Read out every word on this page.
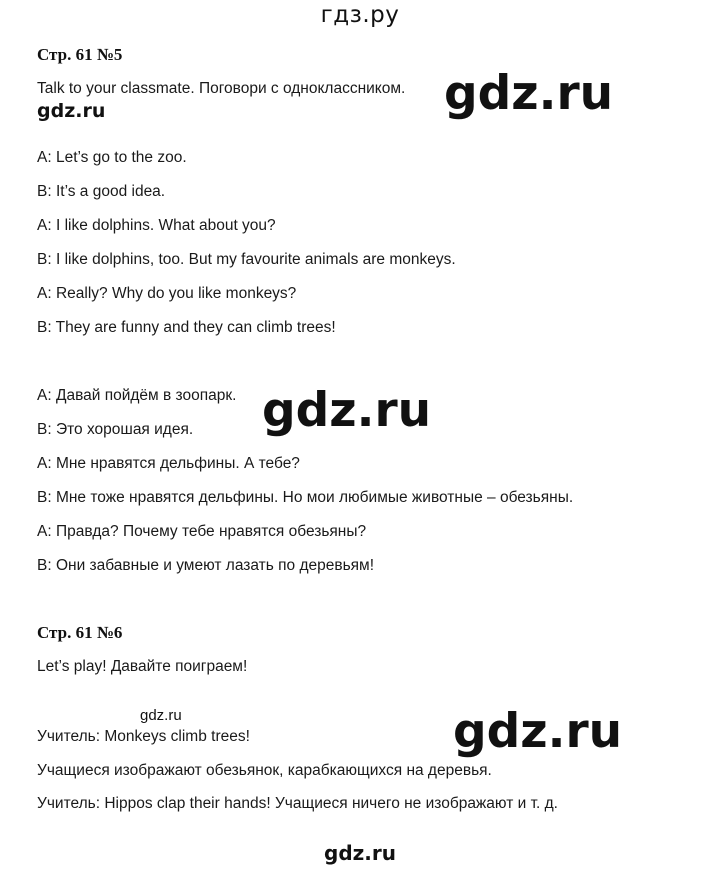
гдз.ру
Стр. 61 №5
Talk to your classmate. Поговори с одноклассником. gdz.ru
gdz.ru
A: Let’s go to the zoo.
B: It’s a good idea.
A: I like dolphins. What about you?
B: I like dolphins, too. But my favourite animals are monkeys.
A: Really? Why do you like monkeys?
B: They are funny and they can climb trees!
A: Давай пойдём в зоопарк. gdz.ru
B: Это хорошая идея.
A: Мне нравятся дельфины. А тебе?
B: Мне тоже нравятся дельфины. Но мои любимые животные – обезьяны.
A: Правда? Почему тебе нравятся обезьяны?
B: Они забавные и умеют лазать по деревьям!
Стр. 61 №6
Let’s play! Давайте поиграем!
gdz.ru	gdz.ru
Учитель: Monkeys climb trees!
Учащиеся изображают обезьянок, карабкающихся на деревья.
Учитель: Hippos clap their hands! Учащиеся ничего не изображают и т. д.
gdz.ru
